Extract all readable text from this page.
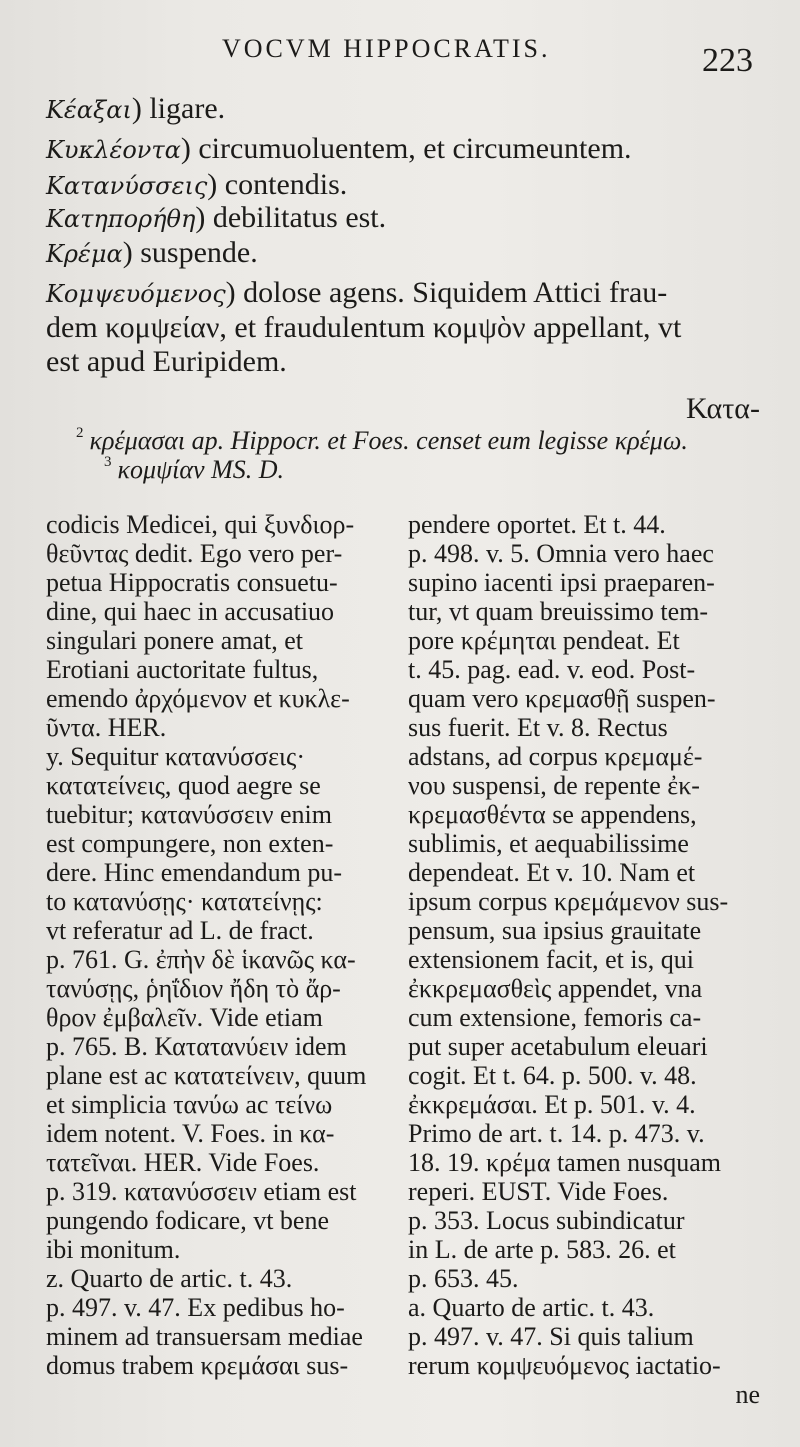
VOCVM HIPPOCRATIS.	223
Κέαξαι) ligare.
Κυκλέοντα) circumuoluentem, et circumeuntem.
Κατανύσσεις) contendis.
Κατηπορήθη) debilitatus est.
Κρέμα) suspende.
Κομψευόμενος) dolose agens. Siquidem Attici frau-
dem κομψείαν, et fraudulentum κομψὸν appellant, vt
est apud Euripidem.
Κατα-
$^2$ κρέμασαι ap. Hippocr. et Foes. censet eum legisse κρέμω.
$^3$ κομψίαν MS. D.
codicis Medicei, qui ξυνδιορ-
θεῦντας dedit. Ego vero per-
petua Hippocratis consuetu-
dine, qui haec in accusatiuo
singulari ponere amat, et
Erotiani auctoritate fultus,
emendo ἀρχόμενον et κυκλε-
ῦντα. HER.
y. Sequitur κατανύσσεις·
κατατείνεις, quod aegre se
tuebitur; κατανύσσειν enim
est compungere, non exten-
dere. Hinc emendandum pu-
to κατανύσῃς· κατατείνῃς:
vt referatur ad L. de fract.
p. 761. G. ἐπὴν δὲ ἱκανῶς κα-
τανύσῃς, ῥηΐδιον ἤδη τὸ ἄρ-
θρον ἐμβαλεῖν. Vide etiam
p. 765. B. Κατατανύειν idem
plane est ac κατατείνειν, quum
et simplicia τανύω ac τείνω
idem notent. V. Foes. in κα-
τατεῖναι. HER. Vide Foes.
p. 319. κατανύσσειν etiam est
pungendo fodicare, vt bene
ibi monitum.
z. Quarto de artic. t. 43.
p. 497. v. 47. Ex pedibus ho-
minem ad transuersam mediae
domus trabem κρεμάσαι sus-
pendere oportet. Et t. 44.
p. 498. v. 5. Omnia vero haec
supino iacenti ipsi praeparen-
tur, vt quam breuissimo tem-
pore κρέμηται pendeat. Et
t. 45. pag. ead. v. eod. Post-
quam vero κρεμασθῇ suspen-
sus fuerit. Et v. 8. Rectus
adstans, ad corpus κρεμαμέ-
νου suspensi, de repente ἐκ-
κρεμασθέντα se appendens,
sublimis, et aequabilissime
dependeat. Et v. 10. Nam et
ipsum corpus κρεμάμενον sus-
pensum, sua ipsius grauitate
extensionem facit, et is, qui
ἐκκρεμασθεὶς appendet, vna
cum extensione, femoris ca-
put super acetabulum eleuari
cogit. Et t. 64. p. 500. v. 48.
ἐκκρεμάσαι. Et p. 501. v. 4.
Primo de art. t. 14. p. 473. v.
18. 19. κρέμα tamen nusquam
reperi. EUST. Vide Foes.
p. 353. Locus subindicatur
in L. de arte p. 583. 26. et
p. 653. 45.
a. Quarto de artic. t. 43.
p. 497. v. 47. Si quis talium
rerum κομψευόμενος iactatio-
ne
